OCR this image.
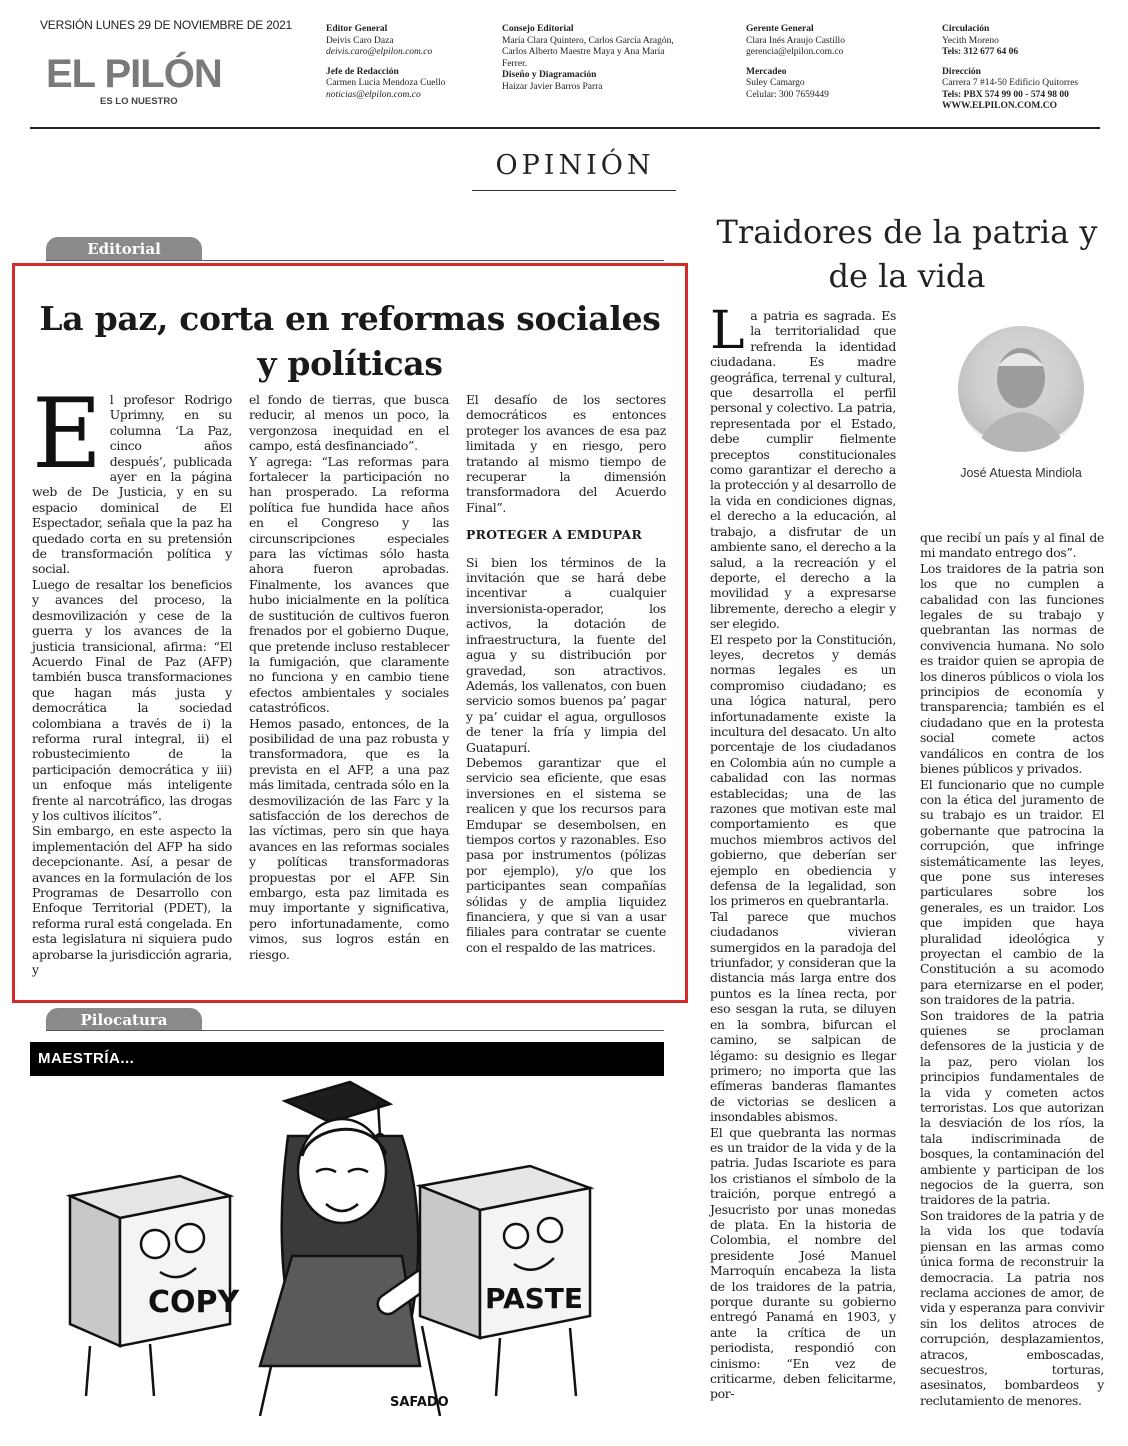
VERSIÓN LUNES 29 DE NOVIEMBRE DE 2021
EL PILÓN
ES LO NUESTRO
Editor General
Deivis Caro Daza
deivis.caro@elpilon.com.co
Jefe de Redacción
Carmen Lucia Mendoza Cuello
noticias@elpilon.com.co
Consejo Editorial
María Clara Quintero, Carlos García Aragón,
Carlos Alberto Maestre Maya y Ana María
Ferrer.
Diseño y Diagramación
Haizar Javier Barros Parra
Gerente General
Clara Inés Araujo Castillo
gerencia@elpilon.com.co
Mercadeo
Suley Camargo
Celular: 300 7659449
Circulación
Yecith Moreno
Tels: 312 677 64 06
Dirección
Carrera 7 #14-50 Edificio Quitorres
Tels: PBX 574 99 00 - 574 98 00
WWW.ELPILON.COM.CO
OPINIÓN
Editorial
La paz, corta en reformas sociales y políticas

El profesor Rodrigo Uprimny, en su columna ‘La Paz, cinco años después’, publicada ayer en la página web de De Justicia, y en su espacio dominical de El Espectador, señala que la paz ha quedado corta en su pretensión de transformación política y social.

Luego de resaltar los beneficios y avances del proceso, la desmovilización y cese de la guerra y los avances de la justicia transicional, afirma: “El Acuerdo Final de Paz (AFP) también busca transformaciones que hagan más justa y democrática la sociedad colombiana a través de i) la reforma rural integral, ii) el robustecimiento de la participación democrática y iii) un enfoque más inteligente frente al narcotráfico, las drogas y los cultivos ilícitos”.

Sin embargo, en este aspecto la implementación del AFP ha sido decepcionante. Así, a pesar de avances en la formulación de los Programas de Desarrollo con Enfoque Territorial (PDET), la reforma rural está congelada. En esta legislatura ni siquiera pudo aprobarse la jurisdicción agraria, y

el fondo de tierras, que busca reducir, al menos un poco, la vergonzosa inequidad en el campo, está desfinanciado”.

Y agrega: “Las reformas para fortalecer la participación no han prosperado. La reforma política fue hundida hace años en el Congreso y las circunscripciones especiales para las víctimas sólo hasta ahora fueron aprobadas. Finalmente, los avances que hubo inicialmente en la política de sustitución de cultivos fueron frenados por el gobierno Duque, que pretende incluso restablecer la fumigación, que claramente no funciona y en cambio tiene efectos ambientales y sociales catastróficos.

Hemos pasado, entonces, de la posibilidad de una paz robusta y transformadora, que es la prevista en el AFP, a una paz más limitada, centrada sólo en la desmovilización de las Farc y la satisfacción de los derechos de las víctimas, pero sin que haya avances en las reformas sociales y políticas transformadoras propuestas por el AFP. Sin embargo, esta paz limitada es muy importante y significativa, pero infortunadamente, como vimos, sus logros están en riesgo.

El desafío de los sectores democráticos es entonces proteger los avances de esa paz limitada y en riesgo, pero tratando al mismo tiempo de recuperar la dimensión transformadora del Acuerdo Final”.

PROTEGER A EMDUPAR

Si bien los términos de la invitación que se hará debe incentivar a cualquier inversionista-operador, los activos, la dotación de infraestructura, la fuente del agua y su distribución por gravedad, son atractivos. Además, los vallenatos, con buen servicio somos buenos pa’ pagar y pa’ cuidar el agua, orgullosos de tener la fría y limpia del Guatapurí.

Debemos garantizar que el servicio sea eficiente, que esas inversiones en el sistema se realicen y que los recursos para Emdupar se desembolsen, en tiempos cortos y razonables. Eso pasa por instrumentos (pólizas por ejemplo), y/o que los participantes sean compañías sólidas y de amplia liquidez financiera, y que si van a usar filiales para contratar se cuente con el respaldo de las matrices.

Pilocatura
MAESTRÍA...
COPY	PASTE
SAFADO
Traidores de la patria y de la vida
José Atuesta Mindiola

La patria es sagrada. Es la territorialidad que refrenda la identidad ciudadana. Es madre geográfica, terrenal y cultural, que desarrolla el perfil personal y colectivo. La patria, representada por el Estado, debe cumplir fielmente preceptos constitucionales como garantizar el derecho a la protección y al desarrollo de la vida en condiciones dignas, el derecho a la educación, al trabajo, a disfrutar de un ambiente sano, el derecho a la salud, a la recreación y el deporte, el derecho a la movilidad y a expresarse libremente, derecho a elegir y ser elegido.

El respeto por la Constitución, leyes, decretos y demás normas legales es un compromiso ciudadano; es una lógica natural, pero infortunadamente existe la incultura del desacato. Un alto porcentaje de los ciudadanos en Colombia aún no cumple a cabalidad con las normas establecidas; una de las razones que motivan este mal comportamiento es que muchos miembros activos del gobierno, que deberían ser ejemplo en obediencia y defensa de la legalidad, son los primeros en quebrantarla.

Tal parece que muchos ciudadanos vivieran sumergidos en la paradoja del triunfador, y consideran que la distancia más larga entre dos puntos es la línea recta, por eso sesgan la ruta, se diluyen en la sombra, bifurcan el camino, se salpican de légamo: su designio es llegar primero; no importa que las efímeras banderas flamantes de victorias se deslicen a insondables abismos.

El que quebranta las normas es un traidor de la vida y de la patria. Judas Iscariote es para los cristianos el símbolo de la traición, porque entregó a Jesucristo por unas monedas de plata. En la historia de Colombia, el nombre del presidente José Manuel Marroquín encabeza la lista de los traidores de la patria, porque durante su gobierno entregó Panamá en 1903, y ante la crítica de un periodista, respondió con cinismo: “En vez de criticarme, deben felicitarme, por-

que recibí un país y al final de mi mandato entrego dos”.

Los traidores de la patria son los que no cumplen a cabalidad con las funciones legales de su trabajo y quebrantan las normas de convivencia humana. No solo es traidor quien se apropia de los dineros públicos o viola los principios de economía y transparencia; también es el ciudadano que en la protesta social comete actos vandálicos en contra de los bienes públicos y privados.

El funcionario que no cumple con la ética del juramento de su trabajo es un traidor. El gobernante que patrocina la corrupción, que infringe sistemáticamente las leyes, que pone sus intereses particulares sobre los generales, es un traidor. Los que impiden que haya pluralidad ideológica y proyectan el cambio de la Constitución a su acomodo para eternizarse en el poder, son traidores de la patria.

Son traidores de la patria quienes se proclaman defensores de la justicia y de la paz, pero violan los principios fundamentales de la vida y cometen actos terroristas. Los que autorizan la desviación de los ríos, la tala indiscriminada de bosques, la contaminación del ambiente y participan de los negocios de la guerra, son traidores de la patria.

Son traidores de la patria y de la vida los que todavía piensan en las armas como única forma de reconstruir la democracia. La patria nos reclama acciones de amor, de vida y esperanza para convivir sin los delitos atroces de corrupción, desplazamientos, atracos, emboscadas, secuestros, torturas, asesinatos, bombardeos y reclutamiento de menores.
